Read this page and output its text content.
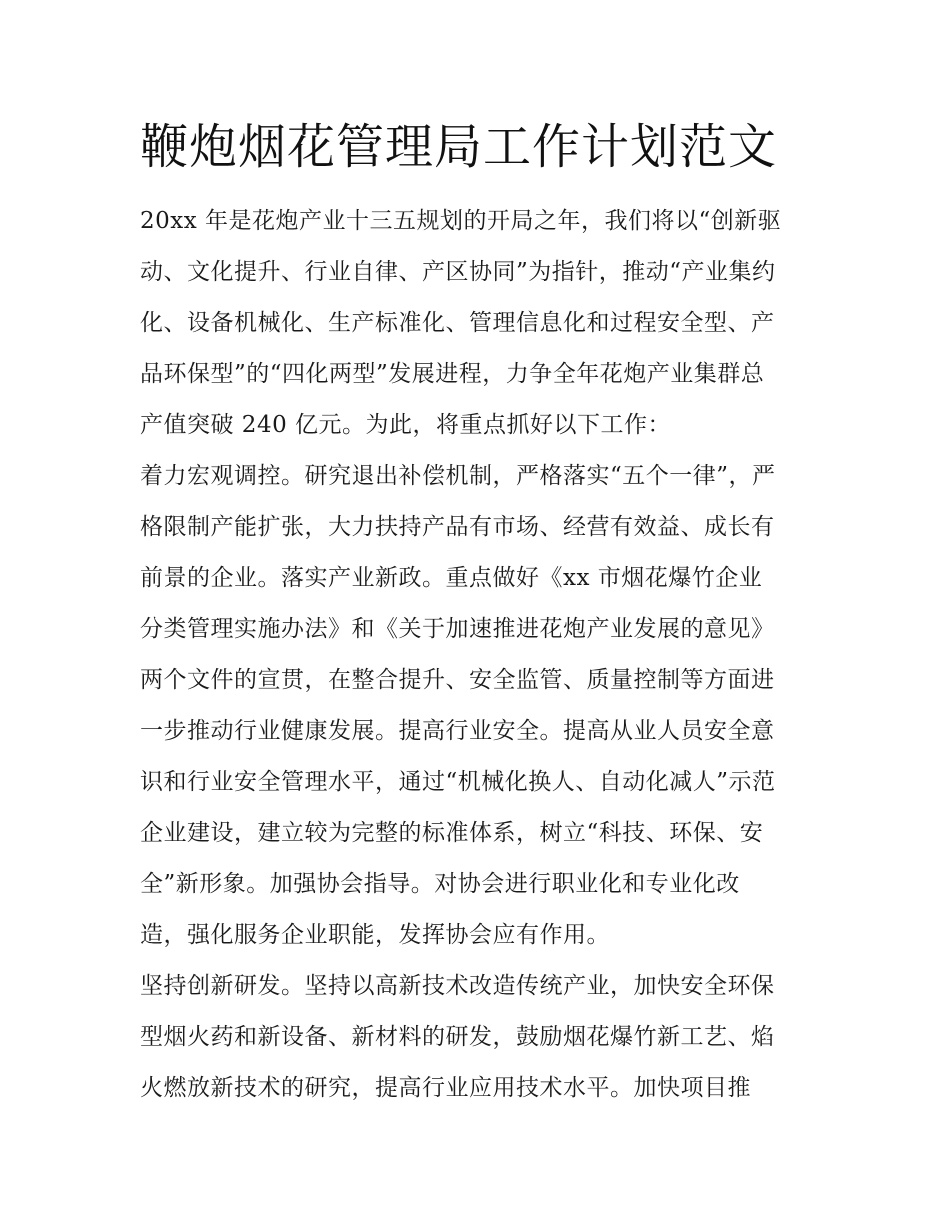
鞭炮烟花管理局工作计划范文
20xx 年是花炮产业十三五规划的开局之年，我们将以“创新驱
动、文化提升、行业自律、产区协同”为指针，推动“产业集约
化、设备机械化、生产标准化、管理信息化和过程安全型、产
品环保型”的“四化两型”发展进程，力争全年花炮产业集群总
产值突破 240 亿元。为此，将重点抓好以下工作：
着力宏观调控。研究退出补偿机制，严格落实“五个一律”，严
格限制产能扩张，大力扶持产品有市场、经营有效益、成长有
前景的企业。落实产业新政。重点做好《xx 市烟花爆竹企业
分类管理实施办法》和《关于加速推进花炮产业发展的意见》
两个文件的宣贯，在整合提升、安全监管、质量控制等方面进
一步推动行业健康发展。提高行业安全。提高从业人员安全意
识和行业安全管理水平，通过“机械化换人、自动化减人”示范
企业建设，建立较为完整的标准体系，树立“科技、环保、安
全”新形象。加强协会指导。对协会进行职业化和专业化改
造，强化服务企业职能，发挥协会应有作用。
坚持创新研发。坚持以高新技术改造传统产业，加快安全环保
型烟火药和新设备、新材料的研发，鼓励烟花爆竹新工艺、焰
火燃放新技术的研究，提高行业应用技术水平。加快项目推
